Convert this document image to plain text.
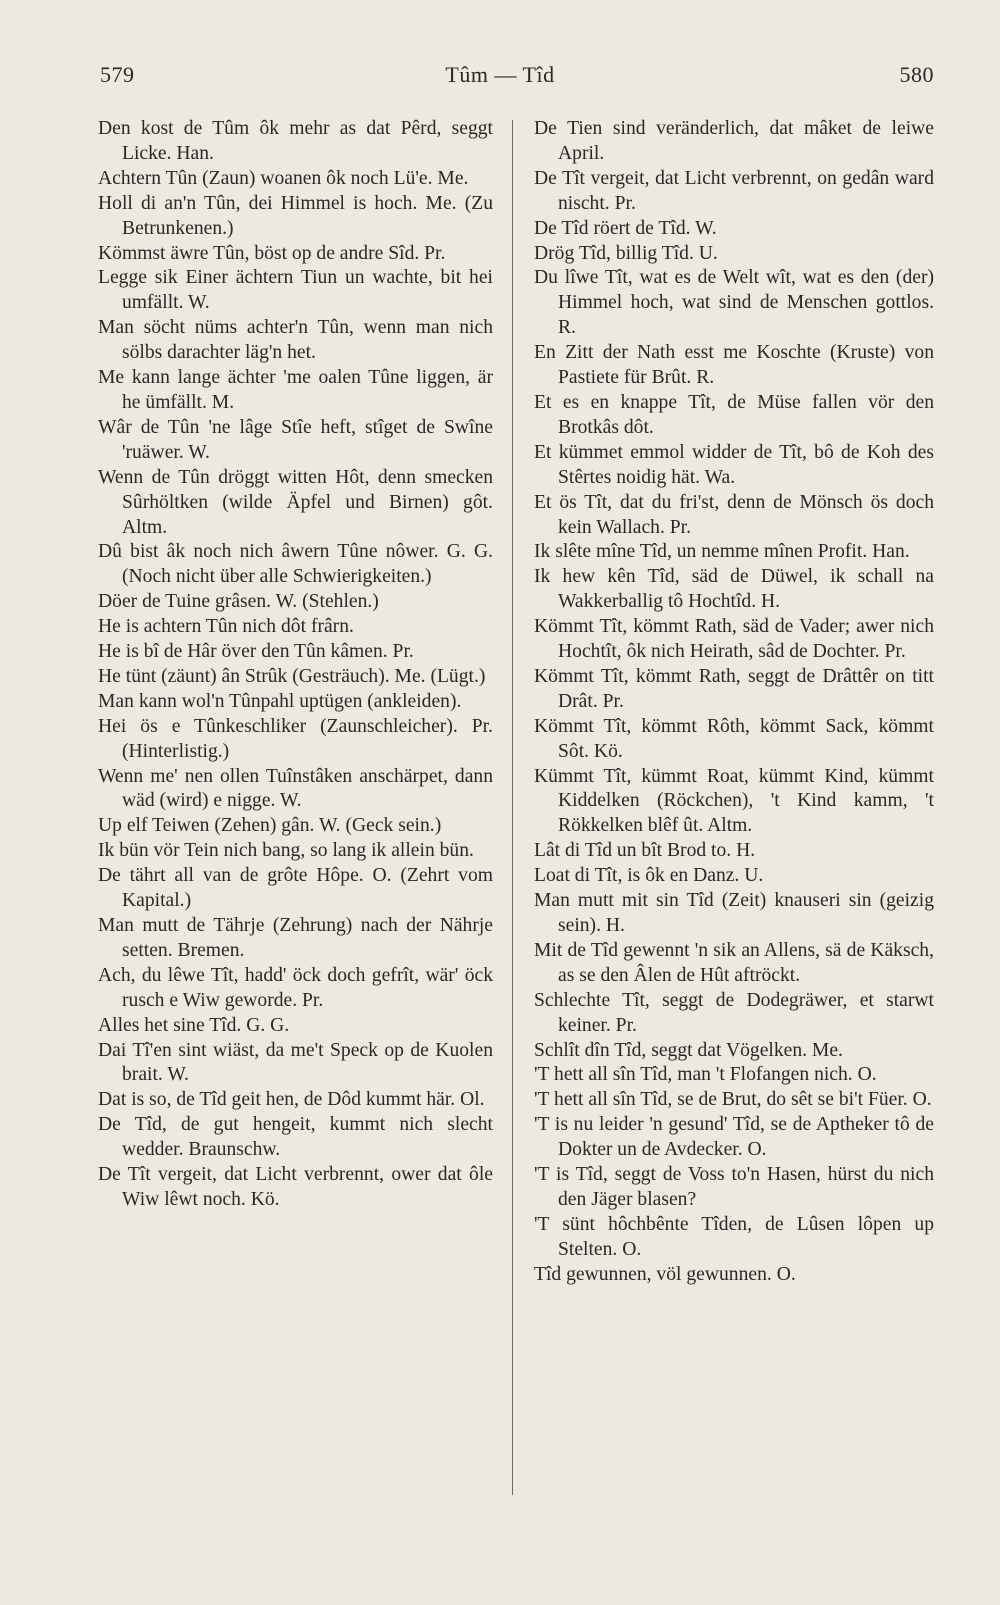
579	Tûm — Tîd	580

Den kost de Tûm ôk mehr as dat Pêrd, seggt Licke. Han.

Achtern Tûn (Zaun) woanen ôk noch Lü'e. Me.

Holl di an'n Tûn, dei Himmel is hoch. Me. (Zu Betrunkenen.)

Kömmst äwre Tûn, böst op de andre Sîd. Pr.

Legge sik Einer ächtern Tiun un wachte, bit hei umfällt. W.

Man söcht nüms achter'n Tûn, wenn man nich sölbs darachter läg'n het.

Me kann lange ächter 'me oalen Tûne liggen, är he ümfällt. M.

Wâr de Tûn 'ne lâge Stîe heft, stîget de Swîne 'ruäwer. W.

Wenn de Tûn dröggt witten Hôt, denn smecken Sûrhöltken (wilde Äpfel und Birnen) gôt. Altm.

Dû bist âk noch nich âwern Tûne nôwer. G. G. (Noch nicht über alle Schwierigkeiten.)

Döer de Tuine grâsen. W. (Stehlen.)

He is achtern Tûn nich dôt frârn.

He is bî de Hâr över den Tûn kâmen. Pr.

He tünt (zäunt) ân Strûk (Gesträuch). Me. (Lügt.)

Man kann wol'n Tûnpahl uptügen (ankleiden).

Hei ös e Tûnkeschliker (Zaunschleicher). Pr. (Hinterlistig.)

Wenn me' nen ollen Tuînstâken anschärpet, dann wäd (wird) e nigge. W.

Up elf Teiwen (Zehen) gân. W. (Geck sein.)

Ik bün vör Tein nich bang, so lang ik allein bün.

De tährt all van de grôte Hôpe. O. (Zehrt vom Kapital.)

Man mutt de Tährje (Zehrung) nach der Nährje setten. Bremen.

Ach, du lêwe Tît, hadd' öck doch gefrît, wär' öck rusch e Wiw geworde. Pr.

Alles het sine Tîd. G. G.

Dai Tî'en sint wiäst, da me't Speck op de Kuolen brait. W.

Dat is so, de Tîd geit hen, de Dôd kummt här. Ol.

De Tîd, de gut hengeit, kummt nich slecht wedder. Braunschw.

De Tît vergeit, dat Licht verbrennt, ower dat ôle Wiw lêwt noch. Kö.

De Tien sind veränderlich, dat mâket de leiwe April.

De Tît vergeit, dat Licht verbrennt, on gedân ward nischt. Pr.

De Tîd röert de Tîd. W.

Drög Tîd, billig Tîd. U.

Du lîwe Tît, wat es de Welt wît, wat es den (der) Himmel hoch, wat sind de Menschen gottlos. R.

En Zitt der Nath esst me Koschte (Kruste) von Pastiete für Brût. R.

Et es en knappe Tît, de Müse fallen vör den Brotkâs dôt.

Et kümmet emmol widder de Tît, bô de Koh des Stêrtes noidig hät. Wa.

Et ös Tît, dat du fri'st, denn de Mönsch ös doch kein Wallach. Pr.

Ik slête mîne Tîd, un nemme mînen Profit. Han.

Ik hew kên Tîd, säd de Düwel, ik schall na Wakkerballig tô Hochtîd. H.

Kömmt Tît, kömmt Rath, säd de Vader; awer nich Hochtît, ôk nich Heirath, sâd de Dochter. Pr.

Kömmt Tît, kömmt Rath, seggt de Drâttêr on titt Drât. Pr.

Kömmt Tît, kömmt Rôth, kömmt Sack, kömmt Sôt. Kö.

Kümmt Tît, kümmt Roat, kümmt Kind, kümmt Kiddelken (Röckchen), 't Kind kamm, 't Rökkelken blêf ût. Altm.

Lât di Tîd un bît Brod to. H.

Loat di Tît, is ôk en Danz. U.

Man mutt mit sin Tîd (Zeit) knauseri sin (geizig sein). H.

Mit de Tîd gewennt 'n sik an Allens, sä de Käksch, as se den Âlen de Hût aftröckt.

Schlechte Tît, seggt de Dodegräwer, et starwt keiner. Pr.

Schlît dîn Tîd, seggt dat Vögelken. Me.

'T hett all sîn Tîd, man 't Flofangen nich. O.

'T hett all sîn Tîd, se de Brut, do sêt se bi't Füer. O.

'T is nu leider 'n gesund' Tîd, se de Aptheker tô de Dokter un de Avdecker. O.

'T is Tîd, seggt de Voss to'n Hasen, hürst du nich den Jäger blasen?

'T sünt hôchbênte Tîden, de Lûsen lôpen up Stelten. O.

Tîd gewunnen, völ gewunnen. O.
